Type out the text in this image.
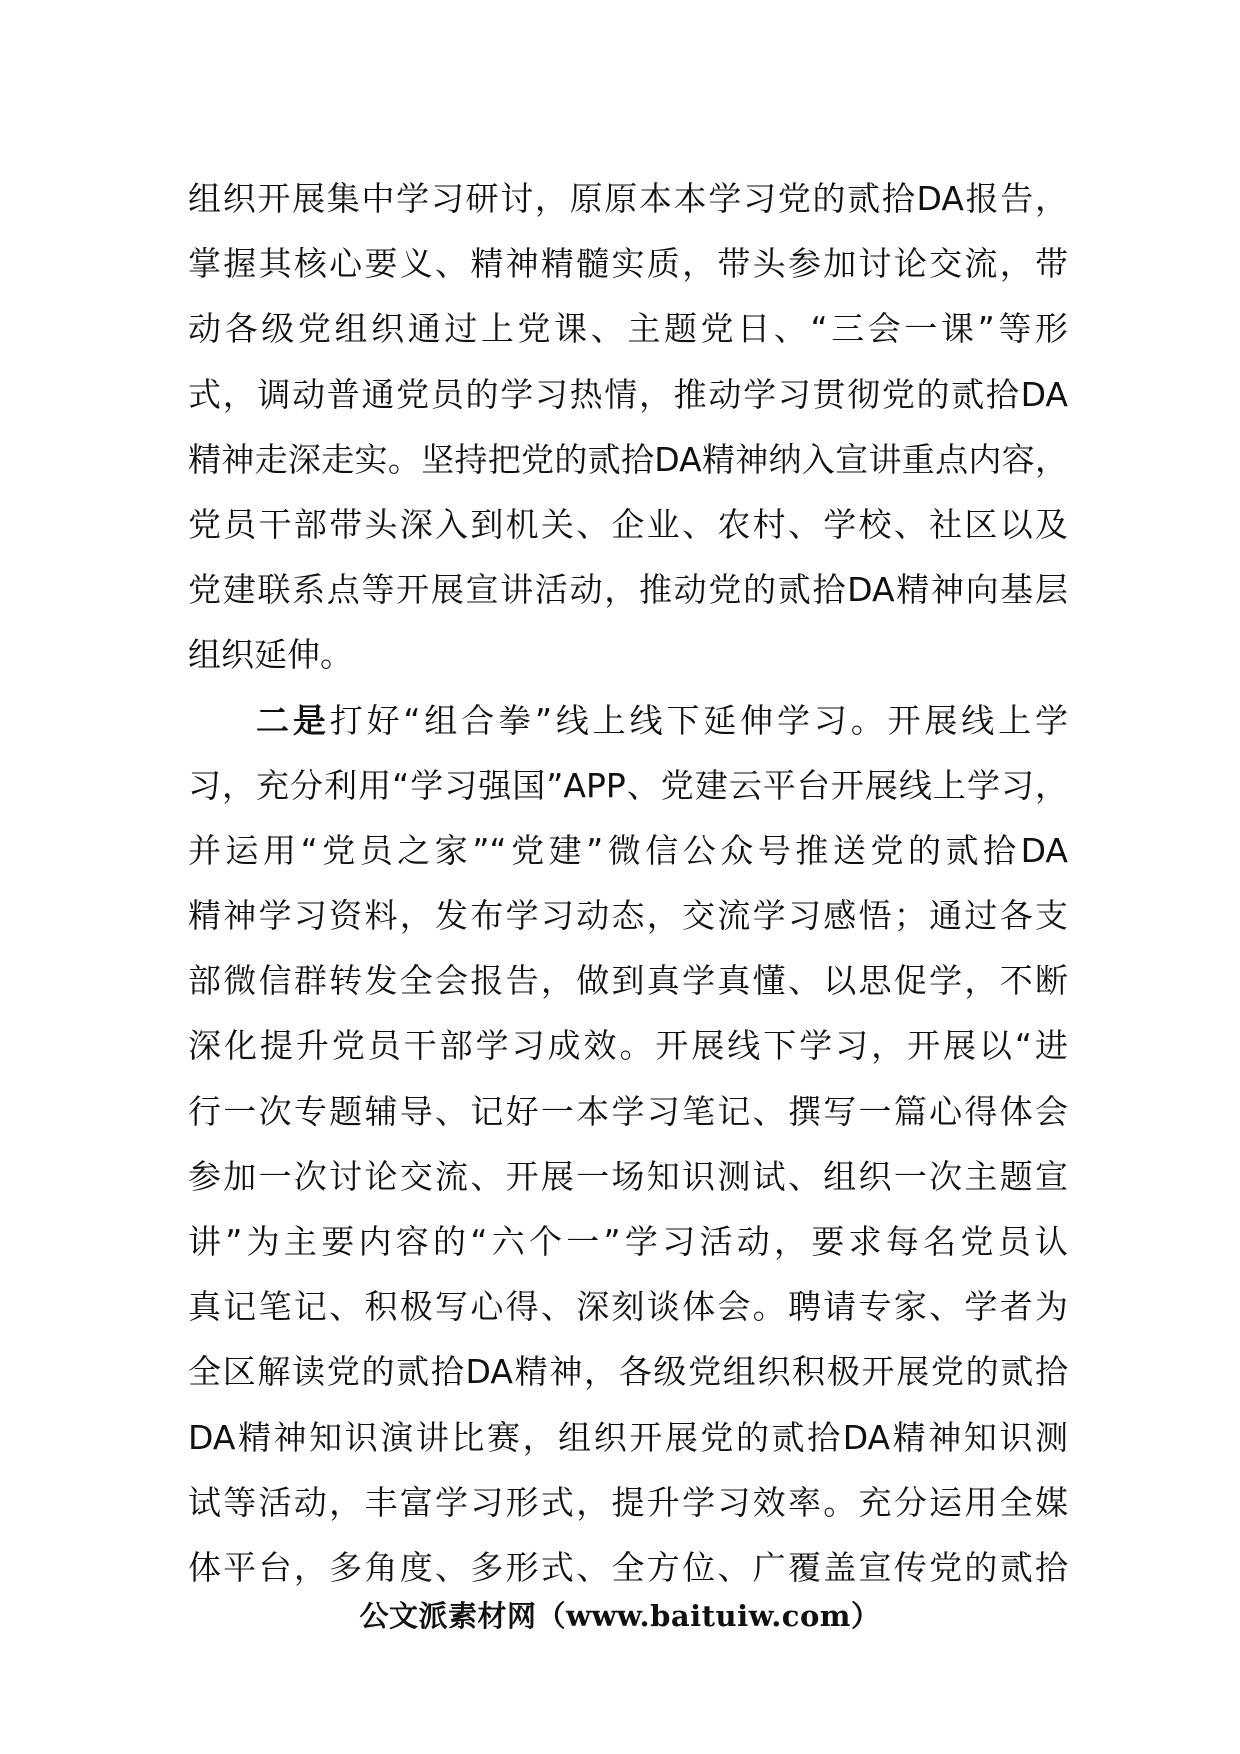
组织开展集中学习研讨，原原本本学习党的贰拾DA报告，
掌握其核心要义、精神精髓实质，带头参加讨论交流，带
动各级党组织通过上党课、主题党日、“三会一课”等形
式，调动普通党员的学习热情，推动学习贯彻党的贰拾DA
精神走深走实。坚持把党的贰拾DA精神纳入宣讲重点内容，
党员干部带头深入到机关、企业、农村、学校、社区以及
党建联系点等开展宣讲活动，推动党的贰拾DA精神向基层
组织延伸。
二是打好“组合拳”线上线下延伸学习。开展线上学
习，充分利用“学习强国”APP、党建云平台开展线上学习，
并运用“党员之家”“党建”微信公众号推送党的贰拾DA
精神学习资料，发布学习动态，交流学习感悟；通过各支
部微信群转发全会报告，做到真学真懂、以思促学，不断
深化提升党员干部学习成效。开展线下学习，开展以“进
行一次专题辅导、记好一本学习笔记、撰写一篇心得体会
参加一次讨论交流、开展一场知识测试、组织一次主题宣
讲”为主要内容的“六个一”学习活动，要求每名党员认
真记笔记、积极写心得、深刻谈体会。聘请专家、学者为
全区解读党的贰拾DA精神，各级党组织积极开展党的贰拾
DA精神知识演讲比赛，组织开展党的贰拾DA精神知识测
试等活动，丰富学习形式，提升学习效率。充分运用全媒
体平台，多角度、多形式、全方位、广覆盖宣传党的贰拾
公文派素材网（www.baituiw.com）
